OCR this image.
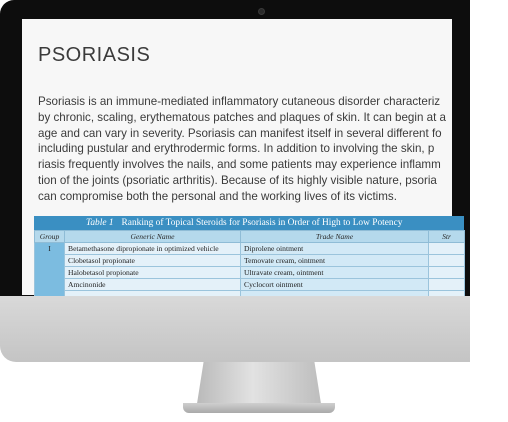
PSORIASIS
Psoriasis is an immune-mediated inflammatory cutaneous disorder characteriz
by chronic, scaling, erythematous patches and plaques of skin. It can begin at a
age and can vary in severity. Psoriasis can manifest itself in several different fo
including pustular and erythrodermic forms. In addition to involving the skin, p
riasis frequently involves the nails, and some patients may experience inflamm
tion of the joints (psoriatic arthritis). Because of its highly visible nature, psoria
can compromise both the personal and the working lives of its victims.
Table 1 Ranking of Topical Steroids for Psoriasis in Order of High to Low Potency
Group	Generic Name	Trade Name	Str
I	Betamethasone dipropionate in optimized vehicle	Diprolene ointment	
	Clobetasol propionate	Temovate cream, ointment	
	Halobetasol propionate	Ultravate cream, ointment	
	Amcinonide	Cyclocort ointment	
